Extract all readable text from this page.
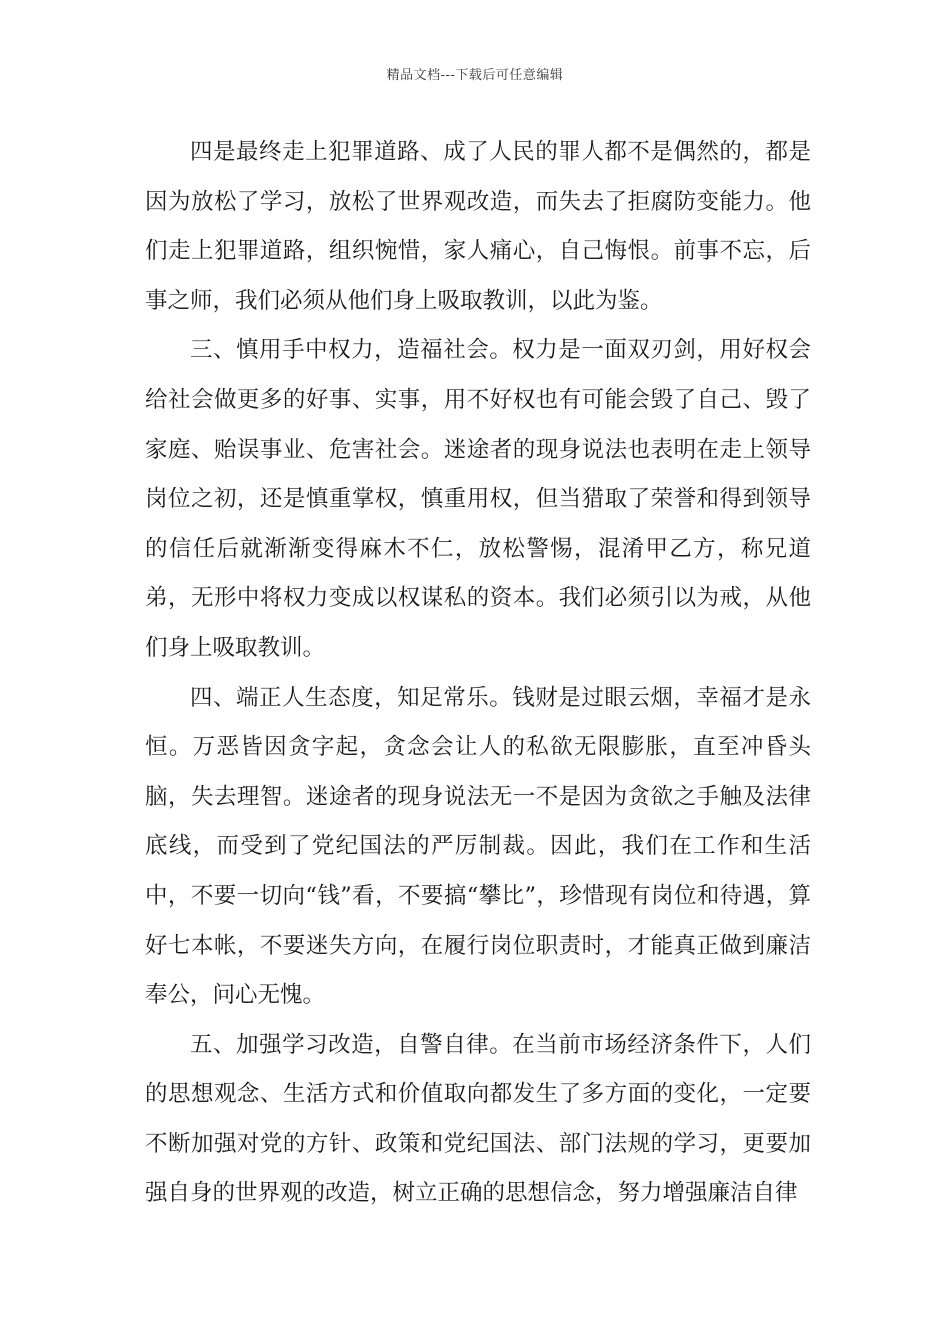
精品文档---下载后可任意编辑

四是最终走上犯罪道路、成了人民的罪人都不是偶然的，都是因为放松了学习，放松了世界观改造，而失去了拒腐防变能力。他们走上犯罪道路，组织惋惜，家人痛心，自己悔恨。前事不忘，后事之师，我们必须从他们身上吸取教训，以此为鉴。

三、慎用手中权力，造福社会。权力是一面双刃剑，用好权会给社会做更多的好事、实事，用不好权也有可能会毁了自己、毁了家庭、贻误事业、危害社会。迷途者的现身说法也表明在走上领导岗位之初，还是慎重掌权，慎重用权，但当猎取了荣誉和得到领导的信任后就渐渐变得麻木不仁，放松警惕，混淆甲乙方，称兄道弟，无形中将权力变成以权谋私的资本。我们必须引以为戒，从他们身上吸取教训。

四、端正人生态度，知足常乐。钱财是过眼云烟，幸福才是永恒。万恶皆因贪字起，贪念会让人的私欲无限膨胀，直至冲昏头脑，失去理智。迷途者的现身说法无一不是因为贪欲之手触及法律底线，而受到了党纪国法的严厉制裁。因此，我们在工作和生活中，不要一切向“钱”看，不要搞“攀比”，珍惜现有岗位和待遇，算好七本帐，不要迷失方向，在履行岗位职责时，才能真正做到廉洁奉公，问心无愧。

五、加强学习改造，自警自律。在当前市场经济条件下，人们的思想观念、生活方式和价值取向都发生了多方面的变化，一定要不断加强对党的方针、政策和党纪国法、部门法规的学习，更要加强自身的世界观的改造，树立正确的思想信念，努力增强廉洁自律
